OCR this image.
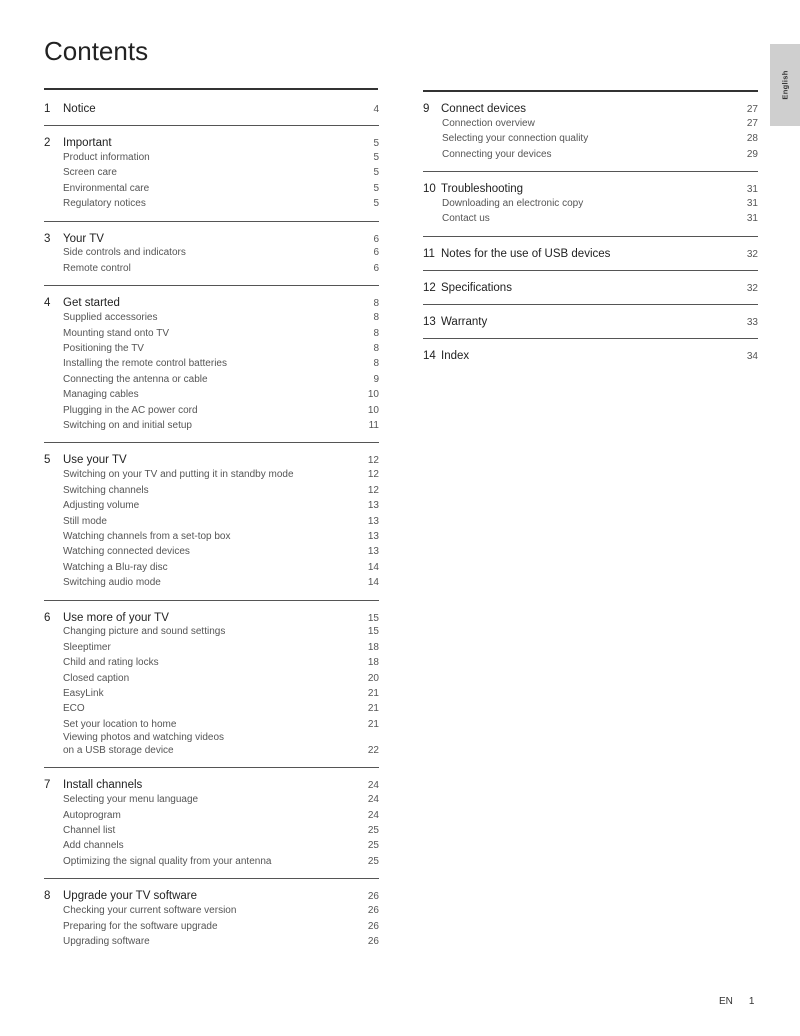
Contents
English
1	Notice	4
2	Important	5
Product information	5
Screen care	5
Environmental care	5
Regulatory notices	5
3	Your TV	6
Side controls and indicators	6
Remote control	6
4	Get started	8
Supplied accessories	8
Mounting stand onto TV	8
Positioning the TV	8
Installing the remote control batteries	8
Connecting the antenna or cable	9
Managing cables	10
Plugging in the AC power cord	10
Switching on and initial setup	11
5	Use your TV	12
Switching on your TV and putting it in standby mode	12
Switching channels	12
Adjusting volume	13
Still mode	13
Watching channels from a set-top box	13
Watching connected devices	13
Watching a Blu-ray disc	14
Switching audio mode	14
6	Use more of your TV	15
Changing picture and sound settings	15
Sleeptimer	18
Child and rating locks	18
Closed caption	20
EasyLink	21
ECO	21
Set your location to home	21
Viewing photos and watching videos
on a USB storage device	22
7	Install channels	24
Selecting your menu language	24
Autoprogram	24
Channel list	25
Add channels	25
Optimizing the signal quality from your antenna	25
8	Upgrade your TV software	26
Checking your current software version	26
Preparing for the software upgrade	26
Upgrading software	26
9	Connect devices	27
Connection overview	27
Selecting your connection quality	28
Connecting your devices	29
10 Troubleshooting	31
Downloading an electronic copy	31
Contact us	31
11 Notes for the use of USB devices	32
12 Specifications	32
13 Warranty	33
14 Index	34
EN 1
